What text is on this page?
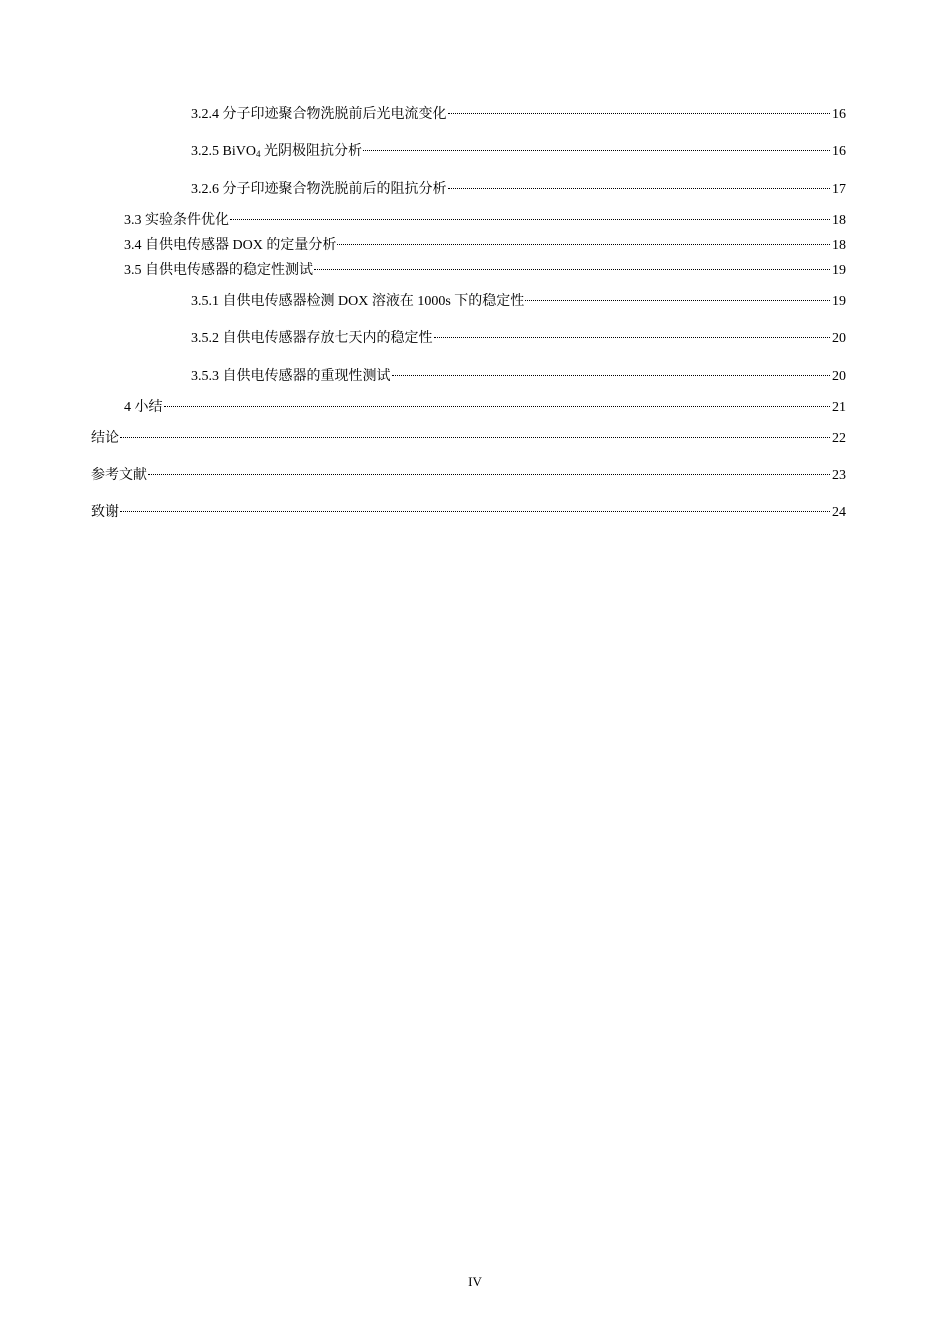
3.2.4 分子印迹聚合物洗脱前后光电流变化	16
3.2.5 BiVO$_4$ 光阴极阻抗分析	16
3.2.6 分子印迹聚合物洗脱前后的阻抗分析	17
3.3 实验条件优化	18
3.4 自供电传感器 DOX 的定量分析	18
3.5 自供电传感器的稳定性测试	19
3.5.1 自供电传感器检测 DOX 溶液在 1000s 下的稳定性	19
3.5.2 自供电传感器存放七天内的稳定性	20
3.5.3 自供电传感器的重现性测试	20
4 小结	21
结论	22
参考文献	23
致谢	24
IV
